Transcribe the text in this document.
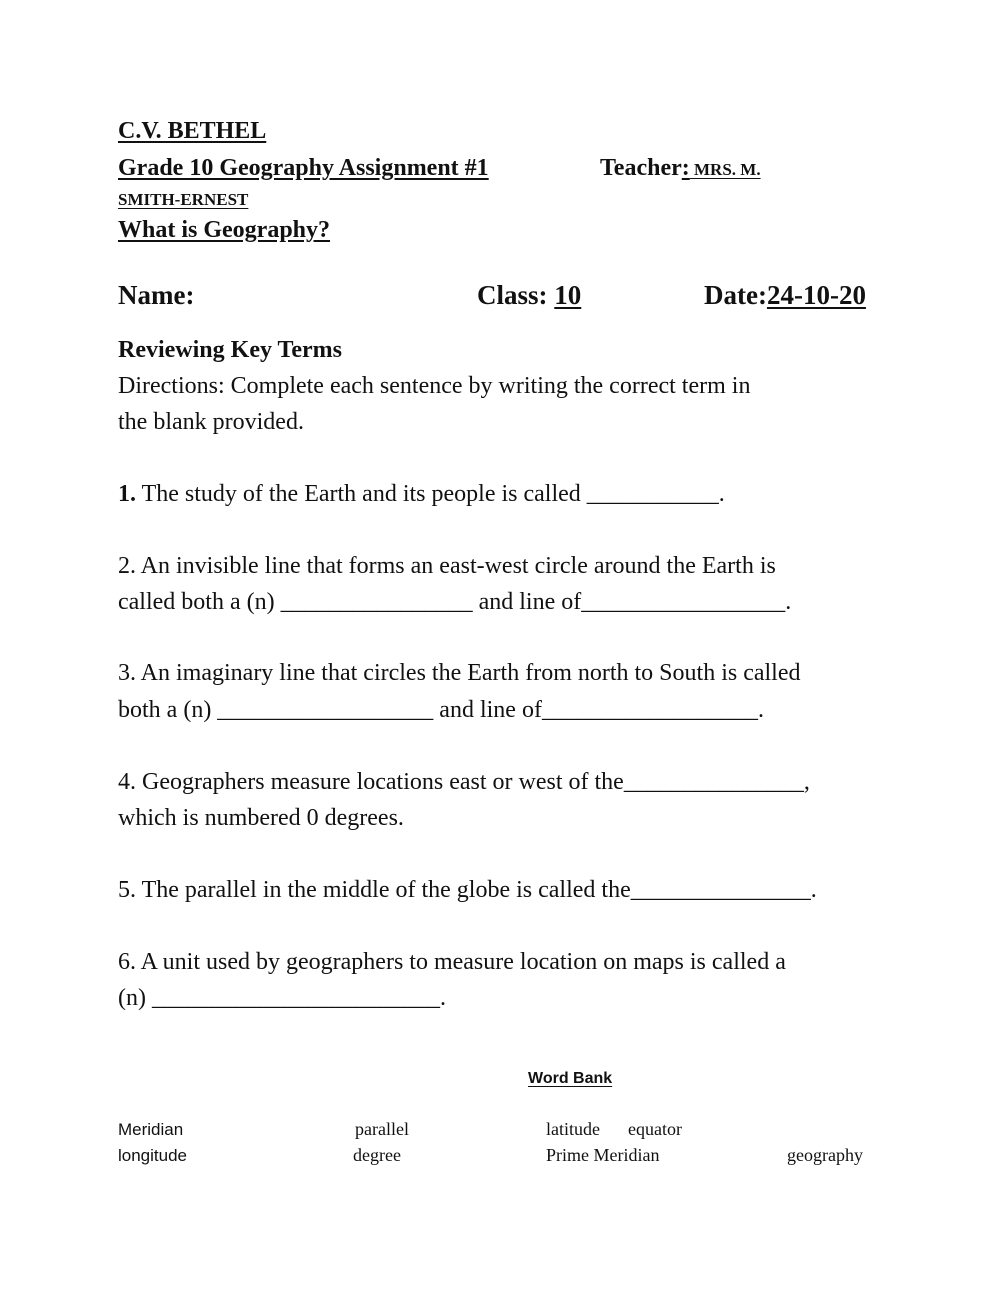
C.V. BETHEL
Grade 10 Geography Assignment #1	Teacher: MRS. M.
SMITH-ERNEST
What is Geography?
Name:	Class: 10	Date:24-10-20
Reviewing Key Terms
Directions: Complete each sentence by writing the correct term in
the blank provided.
1. The study of the Earth and its people is called ___________.
2. An invisible line that forms an east-west circle around the Earth is
called both a (n) ________________ and line of_________________.
3. An imaginary line that circles the Earth from north to South is called
both a (n) __________________ and line of__________________.
4. Geographers measure locations east or west of the_______________,
which is numbered 0 degrees.
5. The parallel in the middle of the globe is called the_______________.
6. A unit used by geographers to measure location on maps is called a
(n) ________________________.
Word Bank
Meridian	parallel	latitude equator
longitude	degree	Prime Meridian	geography
